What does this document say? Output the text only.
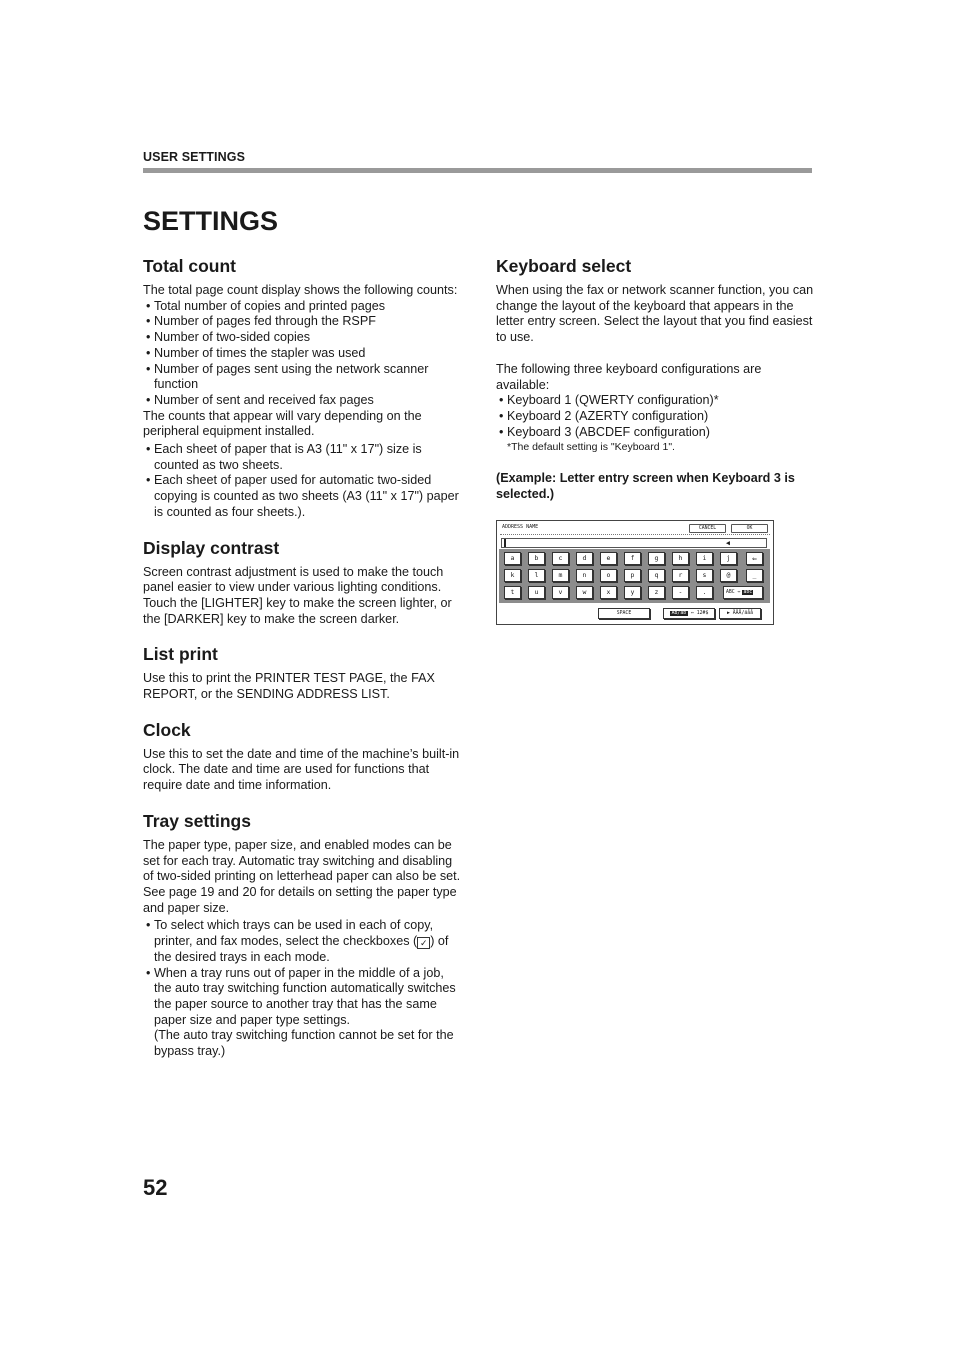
USER SETTINGS
SETTINGS
Total count

The total page count display shows the following counts:

• Total number of copies and printed pages
• Number of pages fed through the RSPF
• Number of two-sided copies
• Number of times the stapler was used
• Number of pages sent using the network scanner function
• Number of sent and received fax pages

The counts that appear will vary depending on the peripheral equipment installed.

• Each sheet of paper that is A3 (11" x 17") size is counted as two sheets.
• Each sheet of paper used for automatic two-sided copying is counted as two sheets (A3 (11" x 17") paper is counted as four sheets.).
Display contrast

Screen contrast adjustment is used to make the touch panel easier to view under various lighting conditions. Touch the [LIGHTER] key to make the screen lighter, or the [DARKER] key to make the screen darker.

List print

Use this to print the PRINTER TEST PAGE, the FAX REPORT, or the SENDING ADDRESS LIST.

Clock

Use this to set the date and time of the machine’s built-in clock. The date and time are used for functions that require date and time information.

Tray settings

The paper type, paper size, and enabled modes can be set for each tray. Automatic tray switching and disabling of two-sided printing on letterhead paper can also be set. See page 19 and 20 for details on setting the paper type and paper size.

• To select which trays can be used in each of copy, printer, and fax modes, select the checkboxes ( ✓ ) of the desired trays in each mode.
• When a tray runs out of paper in the middle of a job, the auto tray switching function automatically switches the paper source to another tray that has the same paper size and paper type settings.
(The auto tray switching function cannot be set for the bypass tray.)
Keyboard select

When using the fax or network scanner function, you can change the layout of the keyboard that appears in the letter entry screen. Select the layout that you find easiest to use.

The following three keyboard configurations are available:

• Keyboard 1 (QWERTY configuration)*
• Keyboard 2 (AZERTY configuration)
• Keyboard 3 (ABCDEF configuration)
*The default setting is "Keyboard 1".
(Example: Letter entry screen when Keyboard 3 is selected.)
ADDRESS NAME	CANCEL	OK
◀
a	b	c	d	e	f	g	h	i	j	⇐
k	l	m	n	o	p	q	r	s	@	_
t	u	v	w	x	y	z	-	.	ABC ⇔ abc
SPACE	AB/ab ⇔ 12#$	▶ ÄÄÅ/äåå
52
